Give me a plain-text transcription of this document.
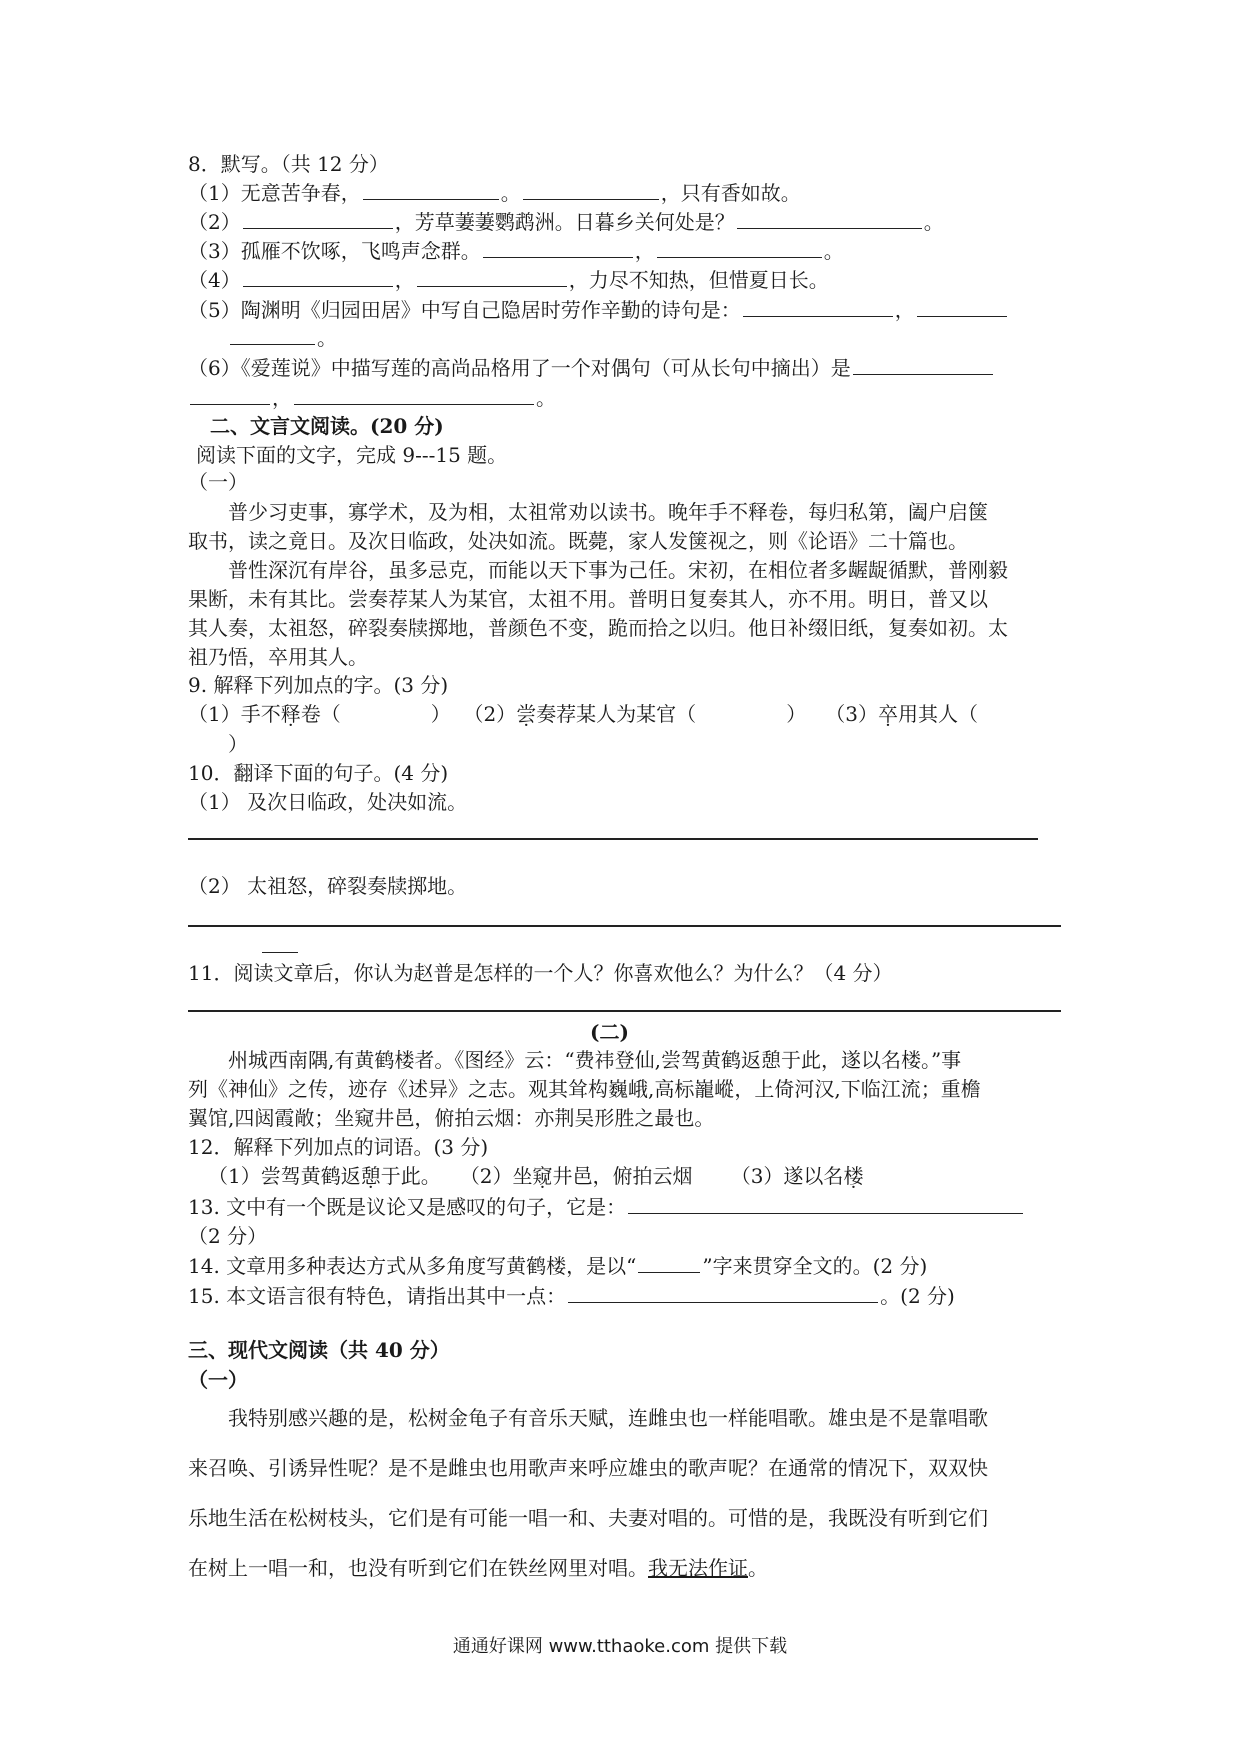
8．默写。（共 12 分）
（1）无意苦争春，	。	，只有香如故。
（2）	，芳草萋萋鹦鹉洲。日暮乡关何处是？	。
（3）孤雁不饮啄，飞鸣声念群。	，	。
（4）	，	，力尽不知热，但惜夏日长。
（5）陶渊明《归园田居》中写自己隐居时劳作辛勤的诗句是：	，
。
（6）《爱莲说》中描写莲的高尚品格用了一个对偶句（可从长句中摘出）是
，	。
二、文言文阅读。(20 分)
阅读下面的文字，完成 9---15 题。
（一）
普少习吏事，寡学术，及为相，太祖常劝以读书。晚年手不释卷，每归私第，阖户启箧
取书，读之竟日。及次日临政，处决如流。既薨，家人发箧视之，则《论语》二十篇也。
普性深沉有岸谷，虽多忌克，而能以天下事为己任。宋初，在相位者多龌龊循默，普刚毅
果断，未有其比。尝奏荐某人为某官，太祖不用。普明日复奏其人，亦不用。明日，普又以
其人奏，太祖怒，碎裂奏牍掷地，普颜色不变，跪而拾之以归。他日补缀旧纸，复奏如初。太
祖乃悟，卒用其人。
9. 解释下列加点的字。(3 分)
（1）手不释卷（	） （2）尝奏荐某人为某官（	） （3）卒用其人（
）
10．翻译下面的句子。(4 分)
（1） 及次日临政，处决如流。
（2） 太祖怒，碎裂奏牍掷地。
11．阅读文章后，你认为赵普是怎样的一个人？你喜欢他么？为什么？（4 分）
(二)
州城西南隅,有黄鹤楼者。《图经》云：“费祎登仙,尝驾黄鹤返憩于此，遂以名楼。”事
列《神仙》之传，迹存《述异》之志。观其耸构巍峨,高标巃嵷，上倚河汉,下临江流；重檐
翼馆,四闼霞敞；坐窥井邑，俯拍云烟：亦荆吴形胜之最也。
12．解释下列加点的词语。(3 分)
（1）尝驾黄鹤返憩于此。 （2）坐窥井邑，俯拍云烟 （3）遂以名楼
13. 文中有一个既是议论又是感叹的句子，它是：
（2 分）
14. 文章用多种表达方式从多角度写黄鹤楼，是以“	”字来贯穿全文的。(2 分)
15. 本文语言很有特色，请指出其中一点：	。(2 分)
三、现代文阅读（共 40 分）
（一）
我特别感兴趣的是，松树金龟子有音乐天赋，连雌虫也一样能唱歌。雄虫是不是靠唱歌
来召唤、引诱异性呢？是不是雌虫也用歌声来呼应雄虫的歌声呢？在通常的情况下，双双快
乐地生活在松树枝头，它们是有可能一唱一和、夫妻对唱的。可惜的是，我既没有听到它们
在树上一唱一和，也没有听到它们在铁丝网里对唱。我无法作证。
通通好课网 www.tthaoke.com 提供下载
